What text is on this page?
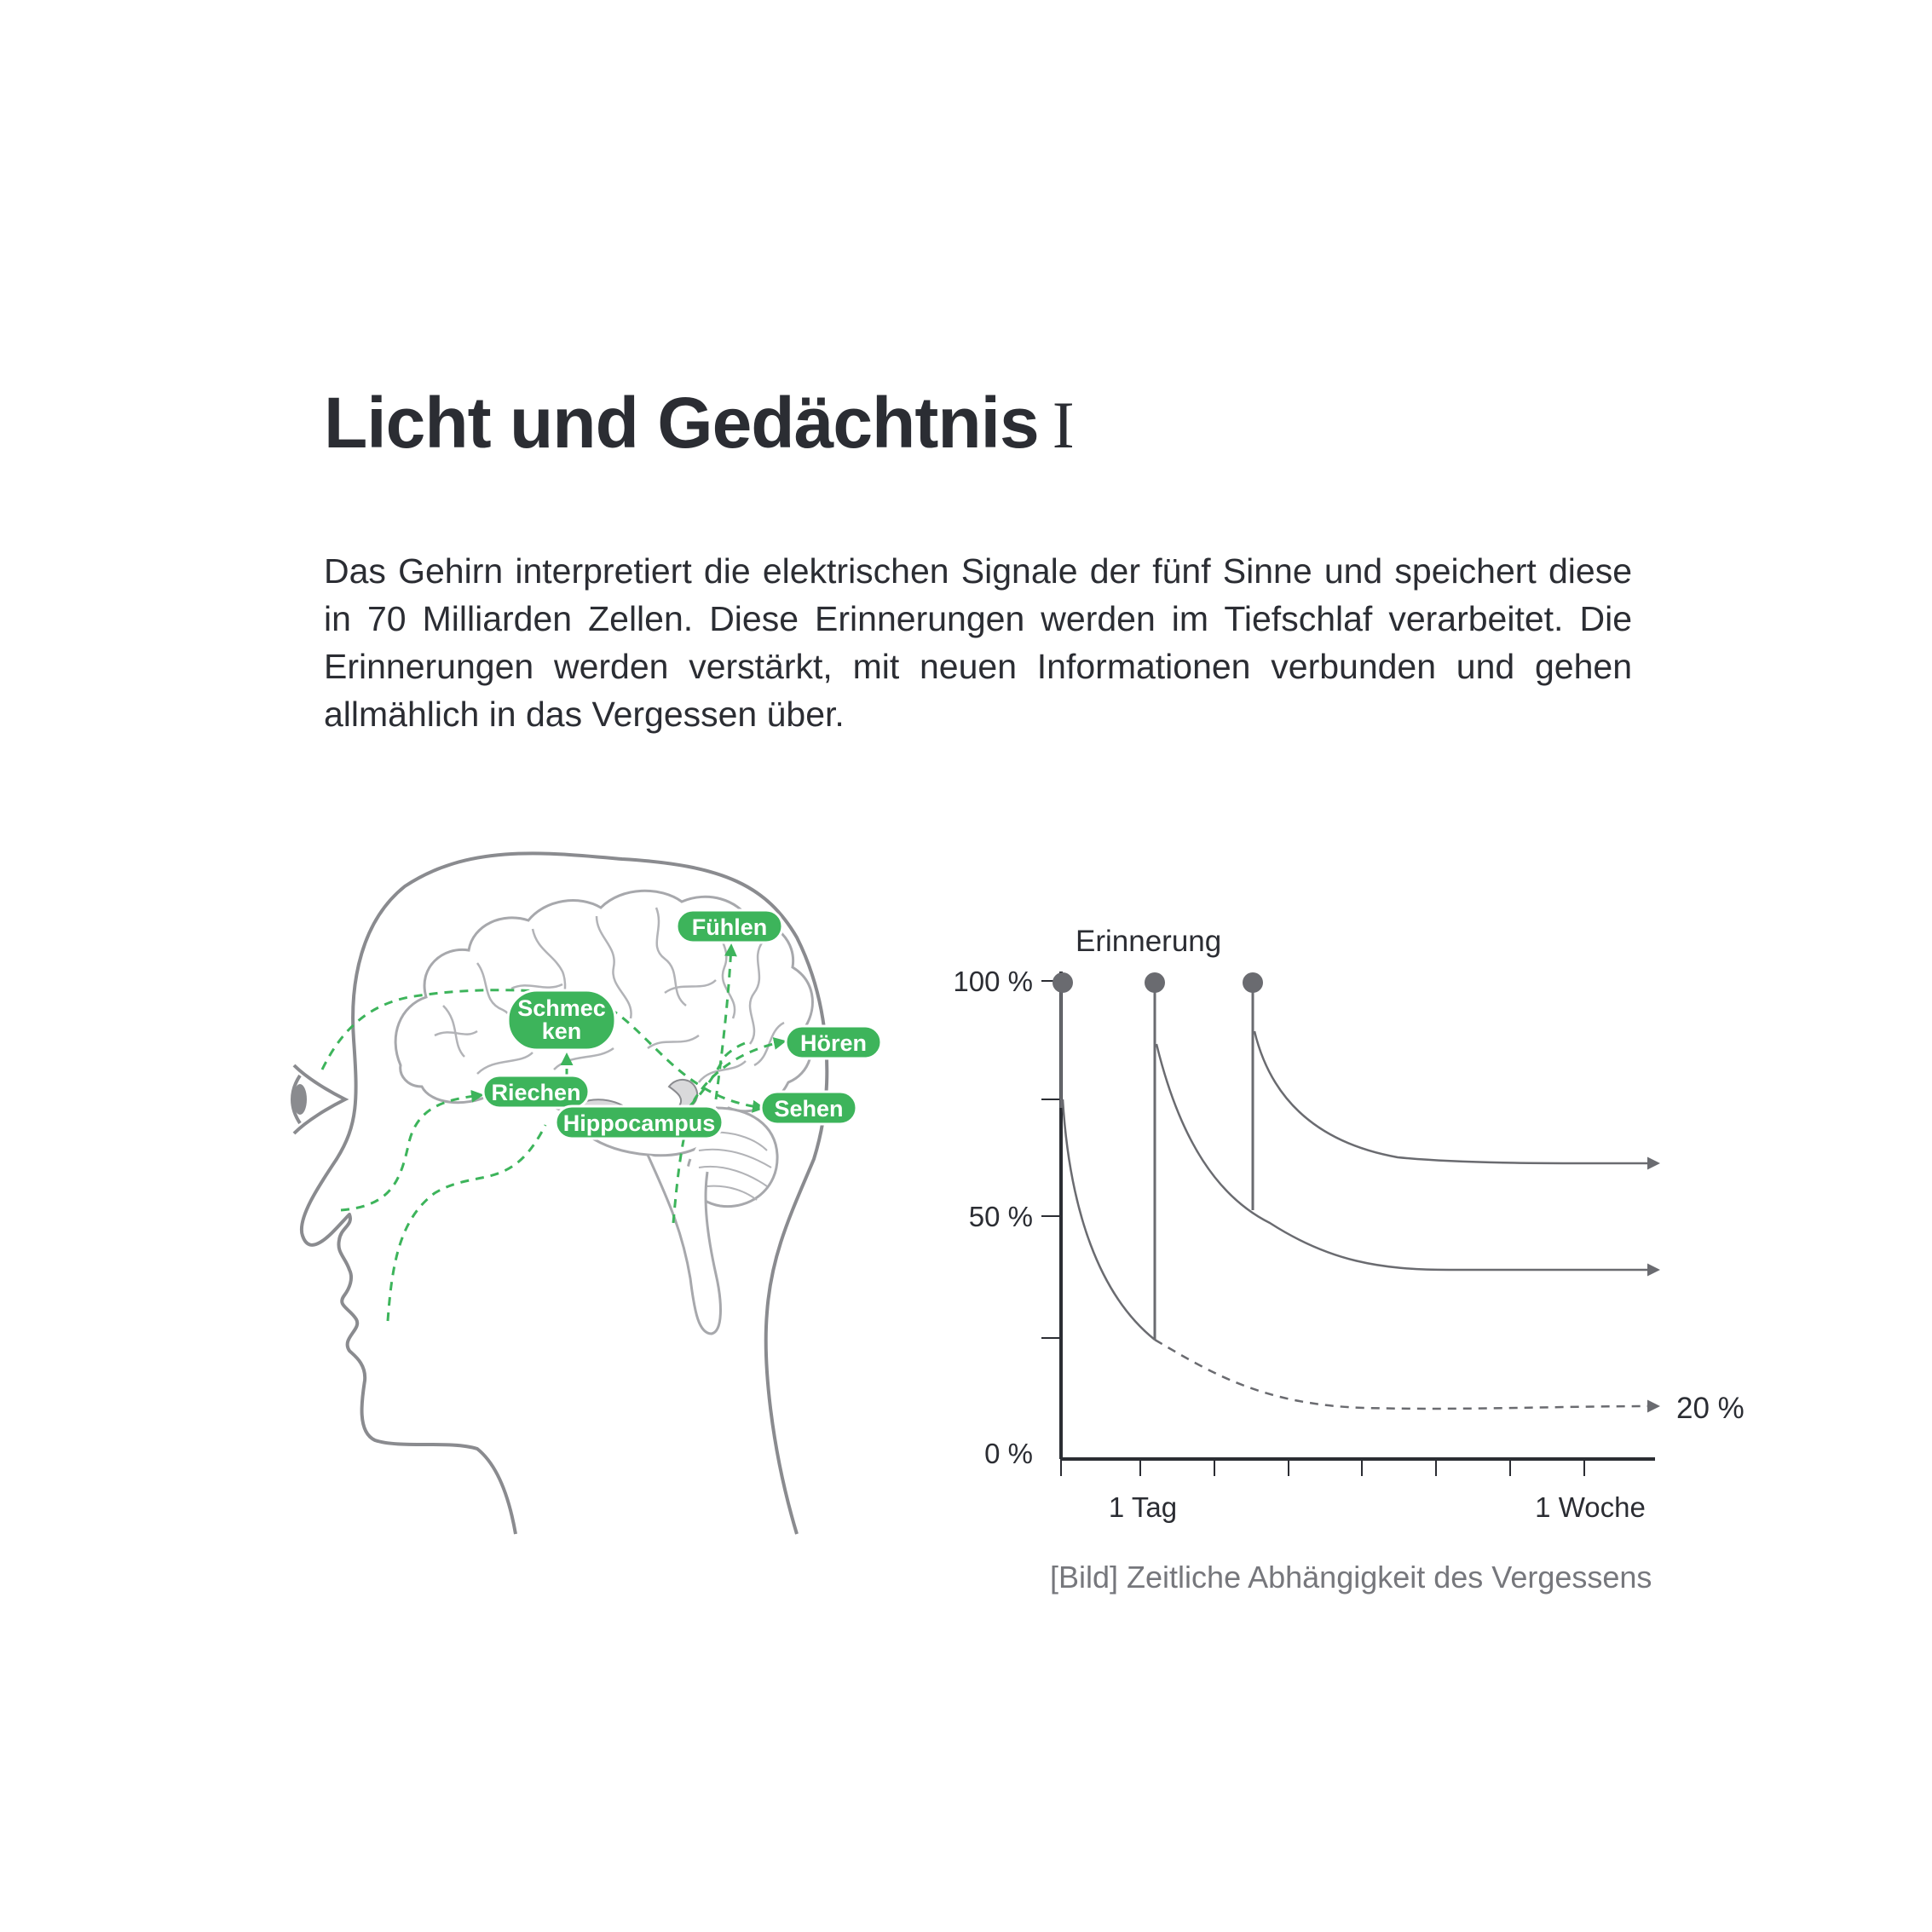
Licht und Gedächtnis I

Das Gehirn interpretiert die elektrischen Signale der fünf Sinne und speichert diese in 70 Milliarden Zellen. Diese Erinnerungen werden im Tiefschlaf verarbeitet. Die Erinnerungen werden verstärkt, mit neuen Informationen verbunden und gehen allmählich in das Vergessen über.

Fühlen
Schmec
ken	Hören
Riechen
Sehen
Hippocampus
Erinnerung
100 %
50 %
0 %
1 Tag	1 Woche
20 %

[Bild] Zeitliche Abhängigkeit des Vergessens
